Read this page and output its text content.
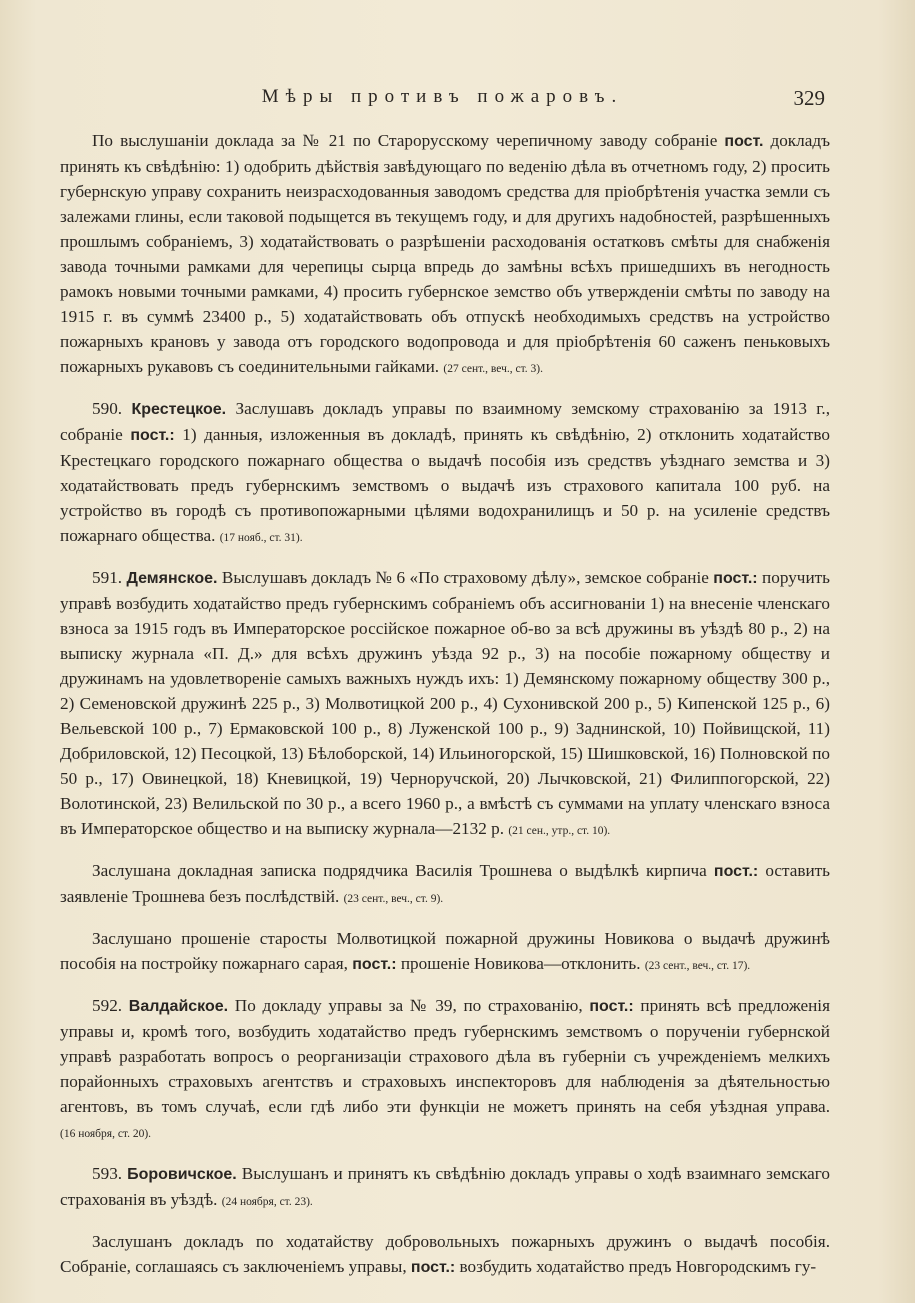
Мѣры противъ пожаровъ.	329

По выслушаніи доклада за № 21 по Старорусскому черепичному заводу собраніе пост. докладъ принять къ свѣдѣнію: 1) одобрить дѣйствія завѣдующаго по веденію дѣла въ отчетномъ году, 2) просить губернскую управу сохранить неизрасходованныя заводомъ средства для пріобрѣтенія участка земли съ залежами глины, если таковой подыщется въ текущемъ году, и для другихъ надобностей, разрѣшенныхъ прошлымъ собраніемъ, 3) ходатайствовать о разрѣшеніи расходованія остатковъ смѣты для снабженія завода точными рамками для черепицы сырца впредь до замѣны всѣхъ пришедшихъ въ негодность рамокъ новыми точными рамками, 4) просить губернское земство объ утвержденіи смѣты по заводу на 1915 г. въ суммѣ 23400 р., 5) ходатайствовать объ отпускѣ необходимыхъ средствъ на устройство пожарныхъ крановъ у завода отъ городского водопровода и для пріобрѣтенія 60 саженъ пеньковыхъ пожарныхъ рукавовъ съ соединительными гайками. (27 сент., веч., ст. 3).

590. Крестецкое. Заслушавъ докладъ управы по взаимному земскому страхованію за 1913 г., собраніе пост.: 1) данныя, изложенныя въ докладѣ, принять къ свѣдѣнію, 2) отклонить ходатайство Крестецкаго городского пожарнаго общества о выдачѣ пособія изъ средствъ уѣзднаго земства и 3) ходатайствовать предъ губернскимъ земствомъ о выдачѣ изъ страхового капитала 100 руб. на устройство въ городѣ съ противопожарными цѣлями водохранилищъ и 50 р. на усиленіе средствъ пожарнаго общества. (17 нояб., ст. 31).

591. Демянское. Выслушавъ докладъ № 6 «По страховому дѣлу», земское собраніе пост.: поручить управѣ возбудить ходатайство предъ губернскимъ собраніемъ объ ассигнованіи 1) на внесеніе членскаго взноса за 1915 годъ въ Императорское россійское пожарное об-во за всѣ дружины въ уѣздѣ 80 р., 2) на выписку журнала «П. Д.» для всѣхъ дружинъ уѣзда 92 р., 3) на пособіе пожарному обществу и дружинамъ на удовлетвореніе самыхъ важныхъ нуждъ ихъ: 1) Демянскому пожарному обществу 300 р., 2) Семеновской дружинѣ 225 р., 3) Молвотицкой 200 р., 4) Сухонивской 200 р., 5) Кипенской 125 р., 6) Вельевской 100 р., 7) Ермаковской 100 р., 8) Луженской 100 р., 9) Заднинской, 10) Пойвищской, 11) Добриловской, 12) Песоцкой, 13) Бѣлоборской, 14) Ильиногорской, 15) Шишковской, 16) Полновской по 50 р., 17) Овинецкой, 18) Кневицкой, 19) Черноручской, 20) Лычковской, 21) Филиппогорской, 22) Волотинской, 23) Велильской по 30 р., а всего 1960 р., а вмѣстѣ съ суммами на уплату членскаго взноса въ Императорское общество и на выписку журнала—2132 р. (21 сен., утр., ст. 10).

Заслушана докладная записка подрядчика Василія Трошнева о выдѣлкѣ кирпича пост.: оставить заявленіе Трошнева безъ послѣдствій. (23 сент., веч., ст. 9).

Заслушано прошеніе старосты Молвотицкой пожарной дружины Новикова о выдачѣ дружинѣ пособія на постройку пожарнаго сарая, пост.: прошеніе Новикова—отклонить. (23 сент., веч., ст. 17).

592. Валдайское. По докладу управы за № 39, по страхованію, пост.: принять всѣ предложенія управы и, кромѣ того, возбудить ходатайство предъ губернскимъ земствомъ о порученіи губернской управѣ разработать вопросъ о реорганизаціи страхового дѣла въ губерніи съ учрежденіемъ мелкихъ порайонныхъ страховыхъ агентствъ и страховыхъ инспекторовъ для наблюденія за дѣятельностью агентовъ, въ томъ случаѣ, если гдѣ либо эти функціи не можетъ принять на себя уѣздная управа. (16 ноября, ст. 20).

593. Боровичское. Выслушанъ и принятъ къ свѣдѣнію докладъ управы о ходѣ взаимнаго земскаго страхованія въ уѣздѣ. (24 ноября, ст. 23).

Заслушанъ докладъ по ходатайству добровольныхъ пожарныхъ дружинъ о выдачѣ пособія. Собраніе, соглашаясь съ заключеніемъ управы, пост.: возбудить ходатайство предъ Новгородскимъ гу-
